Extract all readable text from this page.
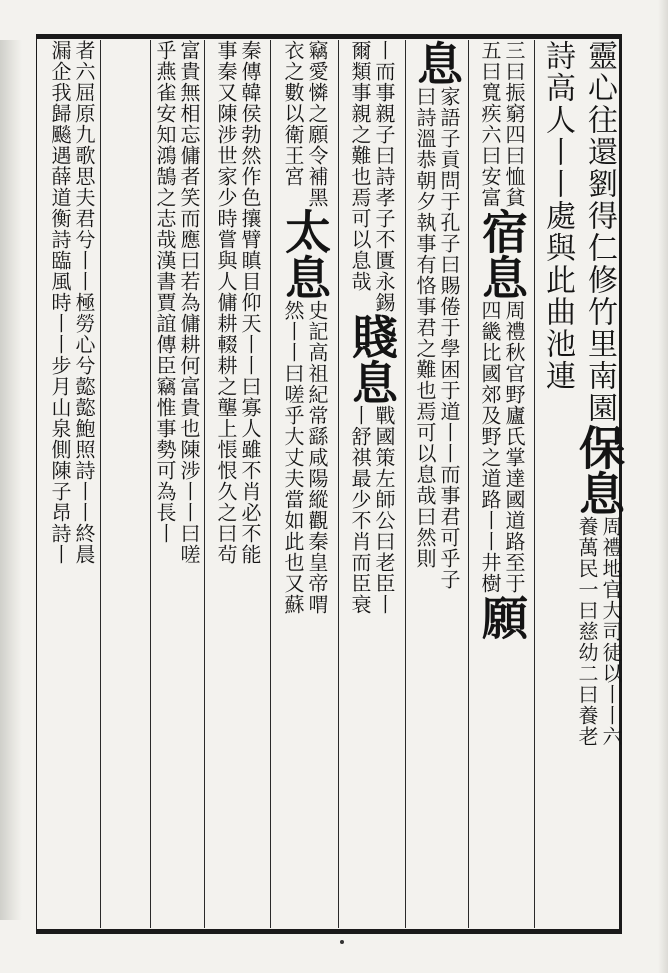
靈心往還劉得仁修竹里南園
保息
周禮地官大司徒以丨丨六
養萬民一曰慈幼二曰養老
詩高人丨丨處與此曲池連
三曰振窮四曰恤貧
五曰寬疾六曰安富
宿息
周禮秋官野廬氏掌達國道路至于
四畿比國郊及野之道路丨丨井樹
願
息
家語子貢問于孔子曰賜倦于學困于道丨丨而事君可乎子
曰詩溫恭朝夕執事有恪事君之難也焉可以息哉曰然則
丨而事親子曰詩孝子不匱永錫
爾類事親之難也焉可以息哉
賤息
戰國策左師公曰老臣丨
丨舒祺最少不肖而臣衰
竊愛憐之願令補黑
衣之數以衛王宮
太息
史記高祖紀常繇咸陽縱觀秦皇帝喟
然丨丨曰嗟乎大丈夫當如此也又蘇
秦傳韓侯勃然作色攘臂瞋目仰天丨丨曰寡人雖不肖必不能
事秦又陳涉世家少時嘗與人傭耕輟耕之壟上悵恨久之曰茍
富貴無相忘傭者笑而應曰若為傭耕何富貴也陳涉丨丨曰嗟
乎燕雀安知鴻鵠之志哉漢書賈誼傳臣竊惟事勢可為長丨
者六屈原九歌思夫君兮丨丨極勞心兮㦤㦤鮑照詩丨丨終晨
漏企我歸飈遇薛道衡詩臨風時丨丨步月山泉側陳子昂詩丨
